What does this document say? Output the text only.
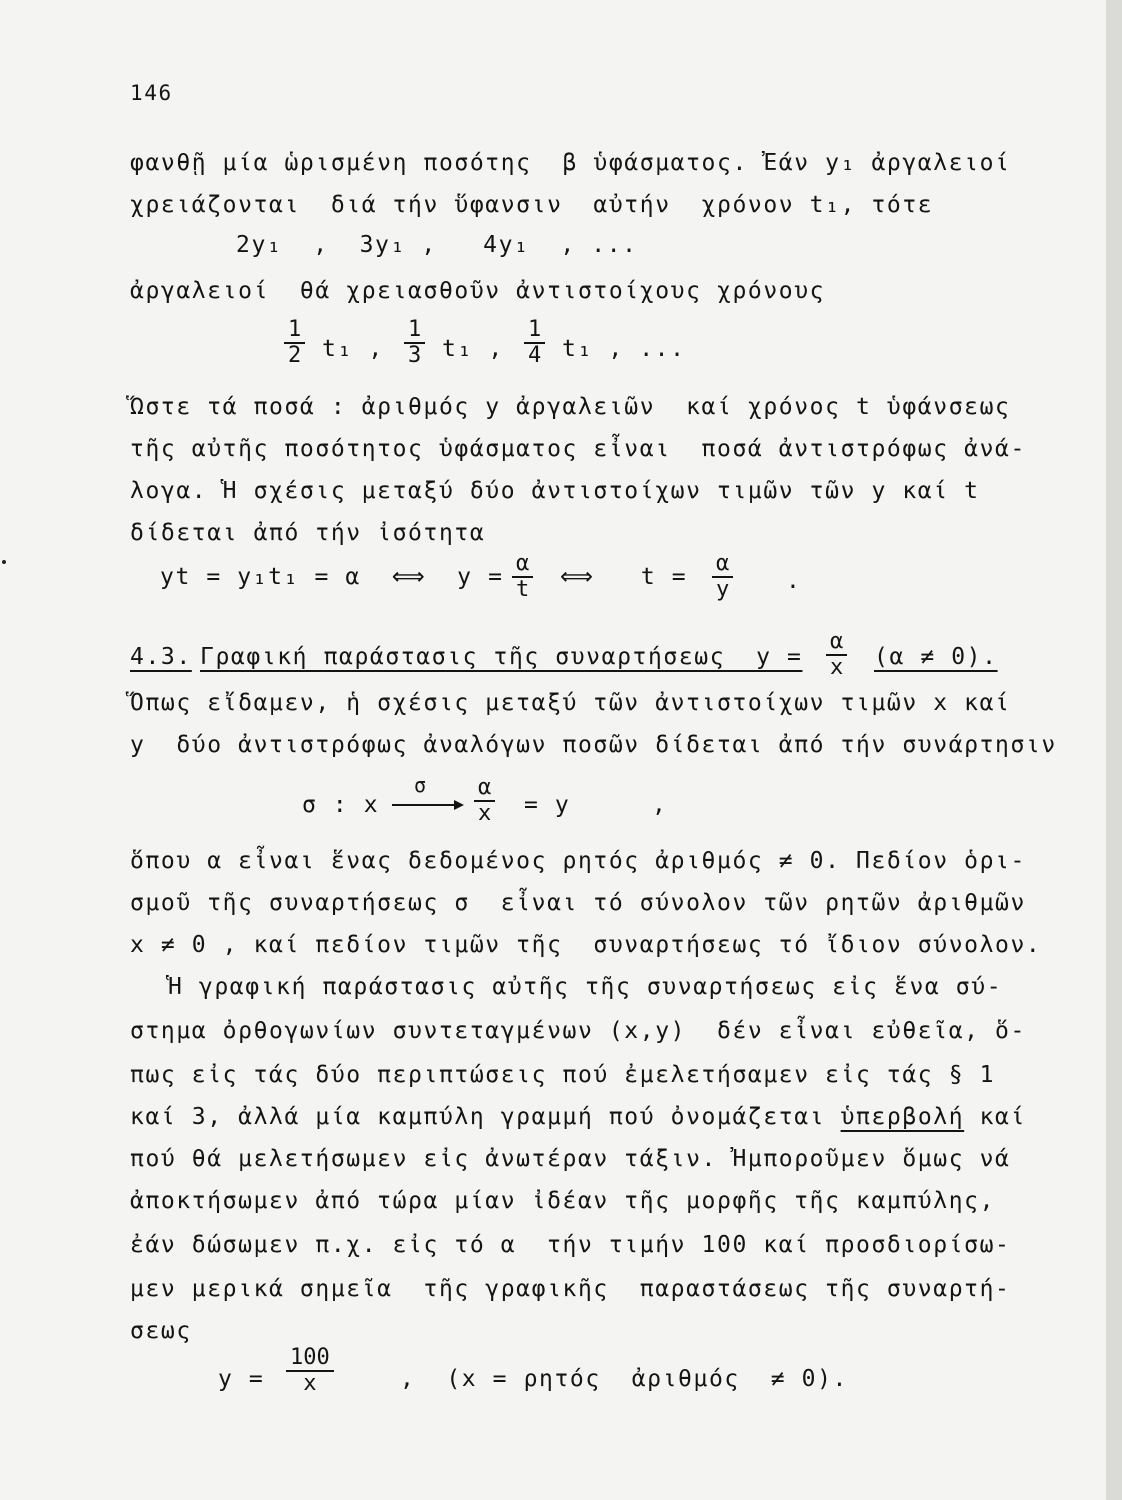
146
φανθῇ μία ὡρισμένη ποσότης  β ὑφάσματος. Ἐάν y₁ ἀργαλειοί
χρειάζονται  διά τήν ὕφανσιν  αὐτήν  χρόνον t₁, τότε
2y₁  ,  3y₁ ,   4y₁  , ...
ἀργαλειοί  θά χρειασθοῦν ἀντιστοίχους χρόνους
$\frac{1}{2} t_1$ , $\frac{1}{3} t_1$ , $\frac{1}{4} t_1$ , ...
Ὥστε τά ποσά : ἀριθμός y ἀργαλειῶν  καί χρόνος t ὑφάνσεως
τῆς αὐτῆς ποσότητος ὑφάσματος εἶναι  ποσά ἀντιστρόφως ἀνά-
λογα. Ἡ σχέσις μεταξύ δύο ἀντιστοίχων τιμῶν τῶν y καί t
δίδεται ἀπό τήν ἰσότητα
yt = y₁t₁ = α  ⟺  $y = \frac{\alpha}{t}$ ⟺   $t = \frac{\alpha}{y}$ .
4.3. Γραφική παράστασις τῆς συναρτήσεως  $y = \frac{\alpha}{x} (\alpha \ne 0)$.
Ὅπως εἴδαμεν, ἡ σχέσις μεταξύ τῶν ἀντιστοίχων τιμῶν x καί
y  δύο ἀντιστρόφως ἀναλόγων ποσῶν δίδεται ἀπό τήν συνάρτησιν
σ : x
σ $\frac{\alpha}{x} = y$	,
ὅπου α εἶναι ἕνας δεδομένος ρητός ἀριθμός ≠ 0. Πεδίον ὁρι-
σμοῦ τῆς συναρτήσεως σ  εἶναι τό σύνολον τῶν ρητῶν ἀριθμῶν
x ≠ 0 , καί πεδίον τιμῶν τῆς  συναρτήσεως τό ἴδιον σύνολον.
Ἡ γραφική παράστασις αὐτῆς τῆς συναρτήσεως εἰς ἕνα σύ-
στημα ὀρθογωνίων συντεταγμένων (x,y)  δέν εἶναι εὐθεῖα, ὅ-
πως εἰς τάς δύο περιπτώσεις πού ἐμελετήσαμεν εἰς τάς § 1
καί 3, ἀλλά μία καμπύλη γραμμή πού ὀνομάζεται ὑπερβολή καί
πού θά μελετήσωμεν εἰς ἀνωτέραν τάξιν. Ἠμποροῦμεν ὅμως νά
ἀποκτήσωμεν ἀπό τώρα μίαν ἰδέαν τῆς μορφῆς τῆς καμπύλης,
ἐάν δώσωμεν π.χ. εἰς τό α  τήν τιμήν 100 καί προσδιορίσω-
μεν μερικά σημεῖα  τῆς γραφικῆς  παραστάσεως τῆς συναρτή-
σεως
$y = \frac{100}{x}$	,  (x = ρητός  ἀριθμός  ≠ 0).
